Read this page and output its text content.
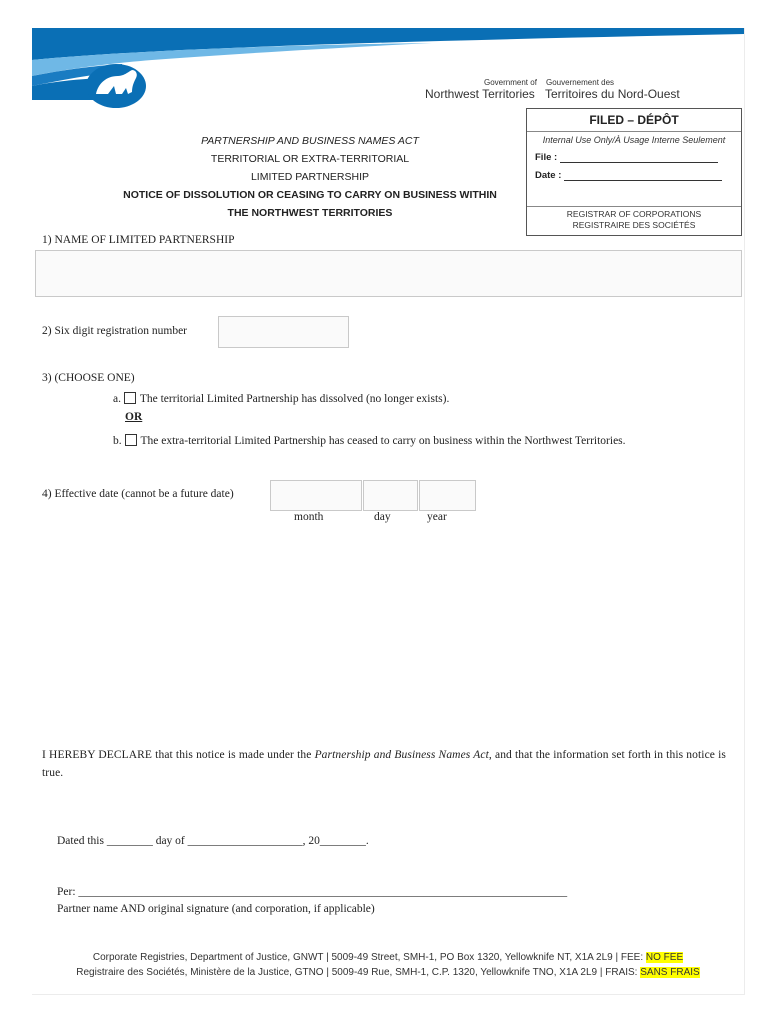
Government of
Northwest Territories
Gouvernement des
Territoires du Nord-Ouest
PARTNERSHIP AND BUSINESS NAMES ACT
TERRITORIAL OR EXTRA-TERRITORIAL
LIMITED PARTNERSHIP
NOTICE OF DISSOLUTION OR CEASING TO CARRY ON BUSINESS WITHIN
THE NORTHWEST TERRITORIES
FILED – DÉPÔT
Internal Use Only/À Usage Interne Seulement
File :
Date :
REGISTRAR OF CORPORATIONS
REGISTRAIRE DES SOCIÉTÉS
1) NAME OF LIMITED PARTNERSHIP
2) Six digit registration number
3) (CHOOSE ONE)
a. The territorial Limited Partnership has dissolved (no longer exists).
OR
b. The extra-territorial Limited Partnership has ceased to carry on business within the Northwest Territories.
4) Effective date (cannot be a future date)
month	day	year
I HEREBY DECLARE that this notice is made under the Partnership and Business Names Act, and that the information set forth in this notice is true.
Dated this ________ day of ____________________, 20________.
Per: _____________________________________________________________________________________
Partner name AND original signature (and corporation, if applicable)
Corporate Registries, Department of Justice, GNWT | 5009-49 Street, SMH-1, PO Box 1320, Yellowknife NT, X1A 2L9 | FEE: NO FEE
Registraire des Sociétés, Ministère de la Justice, GTNO | 5009-49 Rue, SMH-1, C.P. 1320, Yellowknife TNO, X1A 2L9 | FRAIS: SANS FRAIS
